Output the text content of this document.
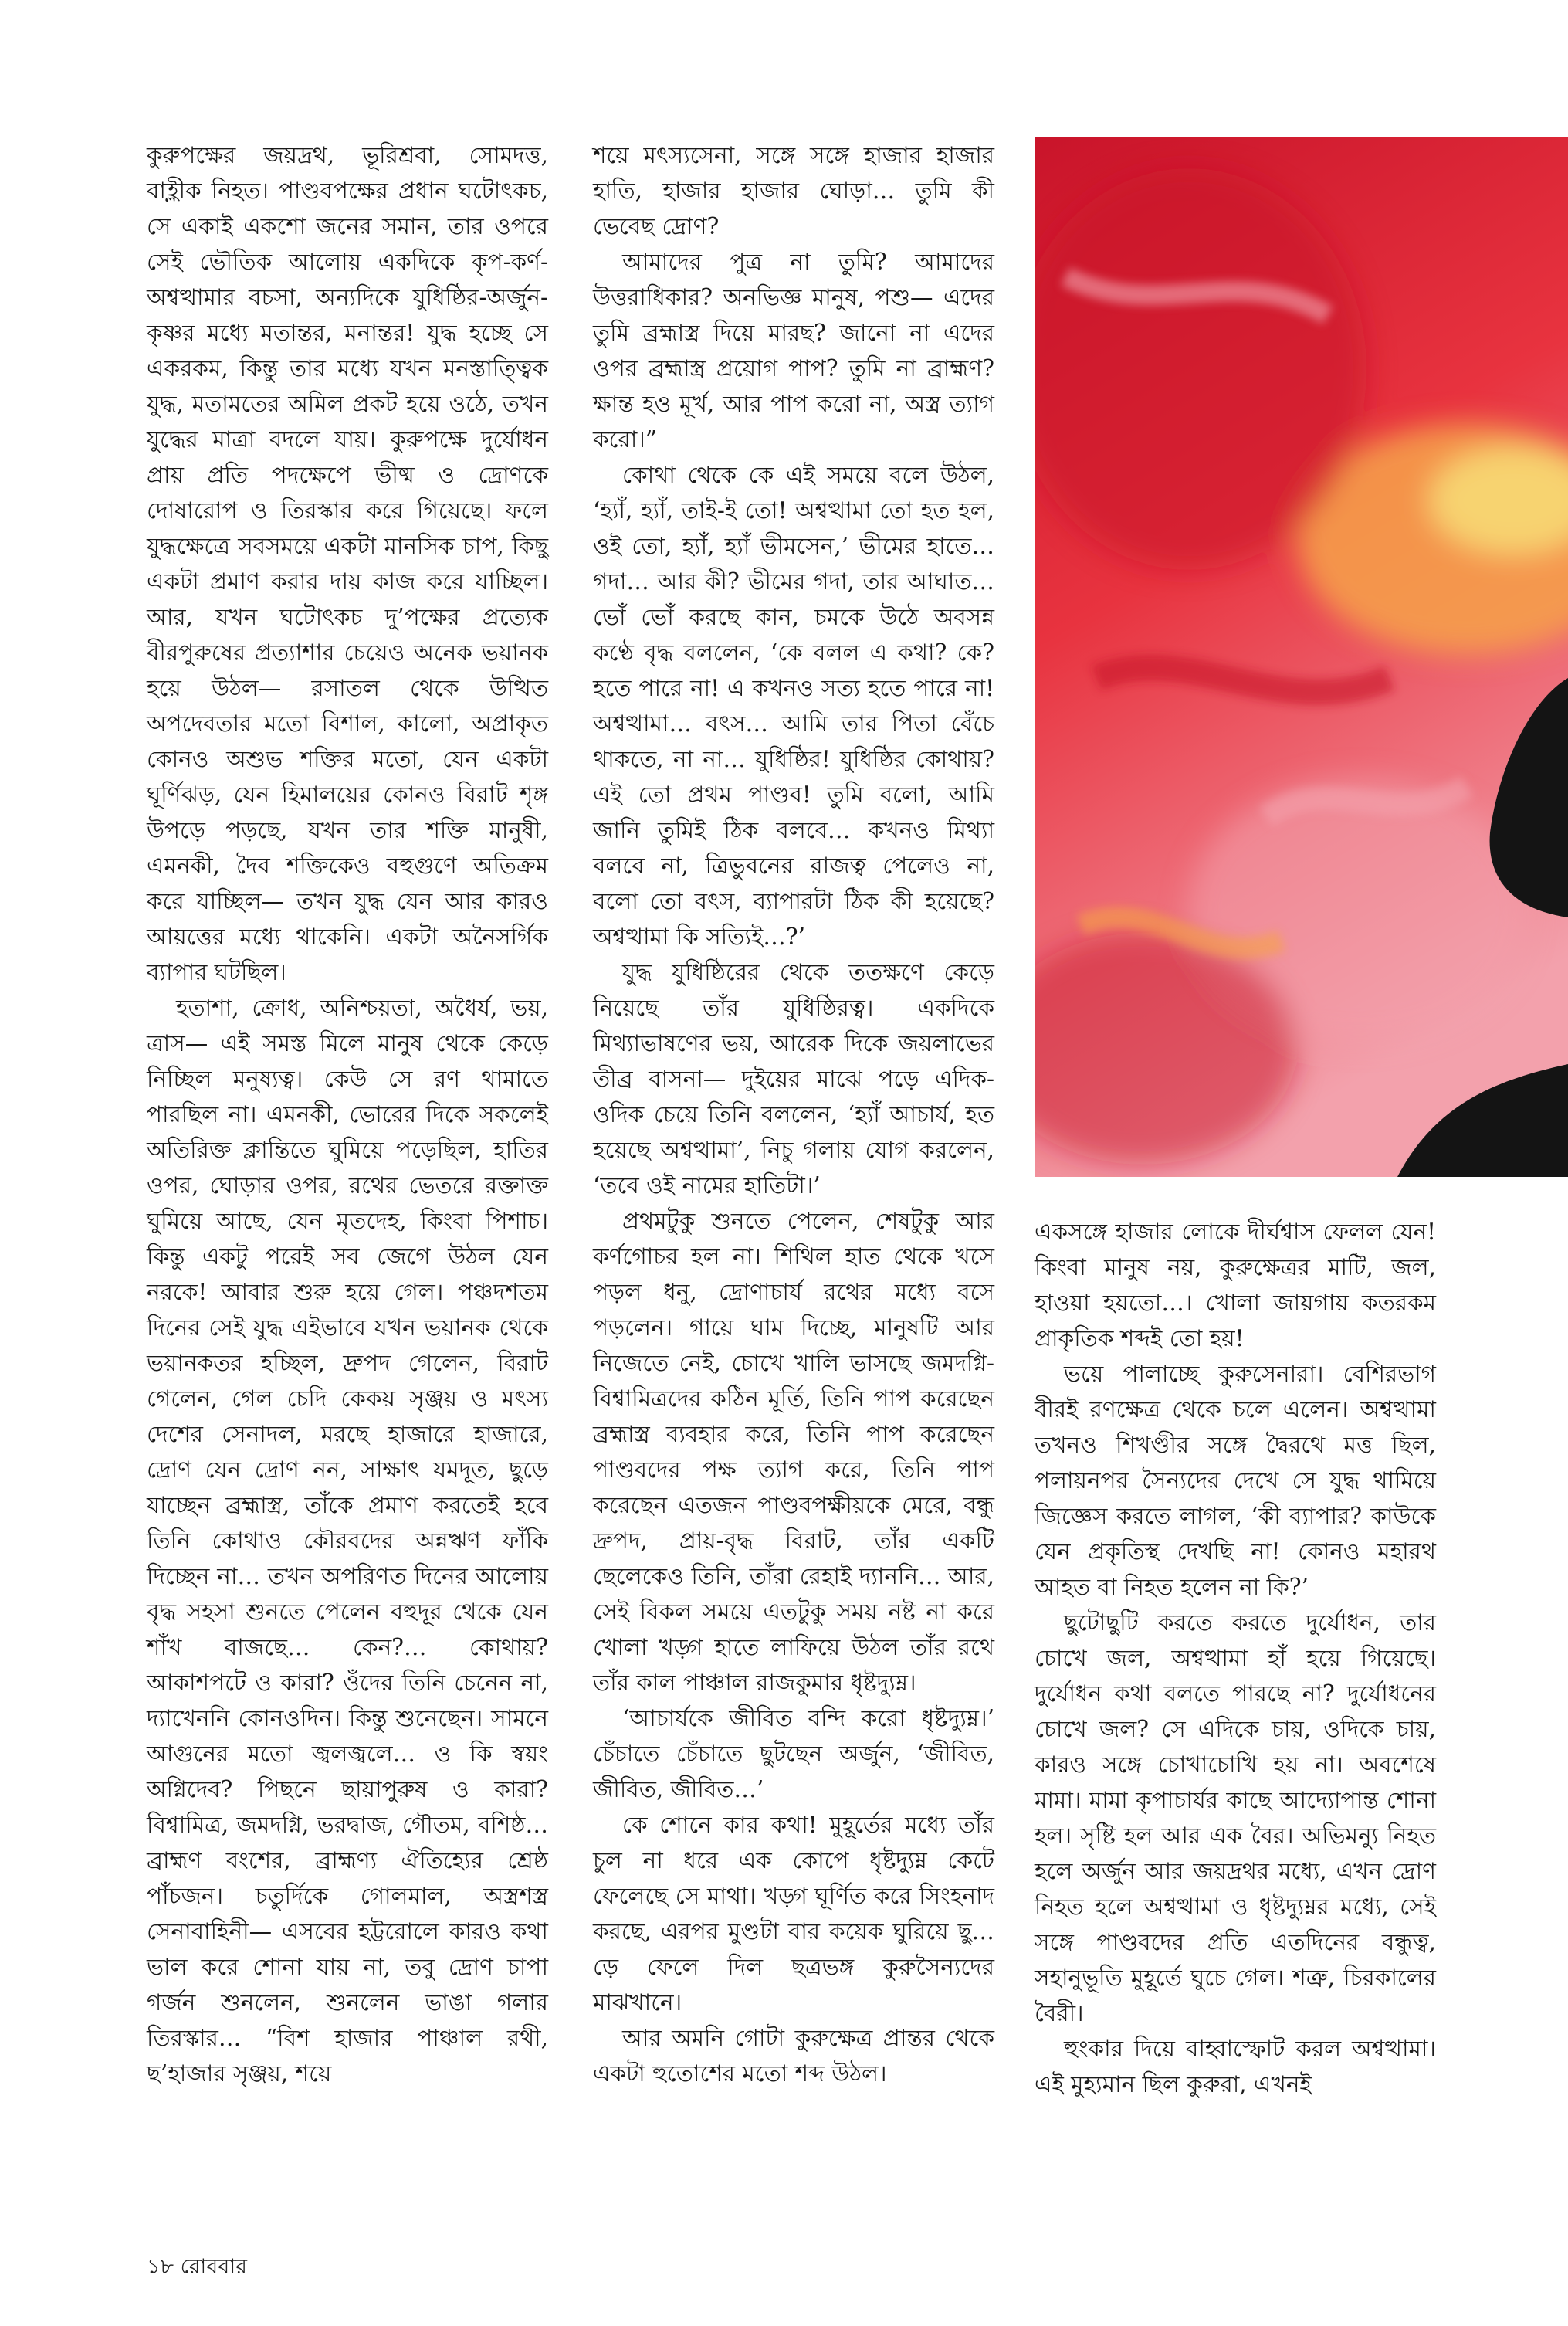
কুরুপক্ষের জয়দ্রথ, ভূরিশ্রবা, সোমদত্ত, বাহ্লীক নিহত। পাণ্ডবপক্ষের প্রধান ঘটোৎকচ, সে একাই একশো জনের সমান, তার ওপরে সেই ভৌতিক আলোয় একদিকে কৃপ-কর্ণ-অশ্বত্থামার বচসা, অন্যদিকে যুধিষ্ঠির-অর্জুন-কৃষ্ণর মধ্যে মতান্তর, মনান্তর! যুদ্ধ হচ্ছে সে একরকম, কিন্তু তার মধ্যে যখন মনস্তাত্ত্বিক যুদ্ধ, মতামতের অমিল প্রকট হয়ে ওঠে, তখন যুদ্ধের মাত্রা বদলে যায়। কুরুপক্ষে দুর্যোধন প্রায় প্রতি পদক্ষেপে ভীষ্ম ও দ্রোণকে দোষারোপ ও তিরস্কার করে গিয়েছে। ফলে যুদ্ধক্ষেত্রে সবসময়ে একটা মানসিক চাপ, কিছু একটা প্রমাণ করার দায় কাজ করে যাচ্ছিল। আর, যখন ঘটোৎকচ দু’পক্ষের প্রত্যেক বীরপুরুষের প্রত্যাশার চেয়েও অনেক ভয়ানক হয়ে উঠল— রসাতল থেকে উত্থিত অপদেবতার মতো বিশাল, কালো, অপ্রাকৃত কোনও অশুভ শক্তির মতো, যেন একটা ঘূর্ণিঝড়, যেন হিমালয়ের কোনও বিরাট শৃঙ্গ উপড়ে পড়ছে, যখন তার শক্তি মানুষী, এমনকী, দৈব শক্তিকেও বহুগুণে অতিক্রম করে যাচ্ছিল— তখন যুদ্ধ যেন আর কারও আয়ত্তের মধ্যে থাকেনি। একটা অনৈসর্গিক ব্যাপার ঘটছিল।

হতাশা, ক্রোধ, অনিশ্চয়তা, অধৈর্য, ভয়, ত্রাস— এই সমস্ত মিলে মানুষ থেকে কেড়ে নিচ্ছিল মনুষ্যত্ব। কেউ সে রণ থামাতে পারছিল না। এমনকী, ভোরের দিকে সকলেই অতিরিক্ত ক্লান্তিতে ঘুমিয়ে পড়েছিল, হাতির ওপর, ঘোড়ার ওপর, রথের ভেতরে রক্তাক্ত ঘুমিয়ে আছে, যেন মৃতদেহ, কিংবা পিশাচ। কিন্তু একটু পরেই সব জেগে উঠল যেন নরকে! আবার শুরু হয়ে গেল। পঞ্চদশতম দিনের সেই যুদ্ধ এইভাবে যখন ভয়ানক থেকে ভয়ানকতর হচ্ছিল, দ্রুপদ গেলেন, বিরাট গেলেন, গেল চেদি কেকয় সৃঞ্জয় ও মৎস্য দেশের সেনাদল, মরছে হাজারে হাজারে, দ্রোণ যেন দ্রোণ নন, সাক্ষাৎ যমদূত, ছুড়ে যাচ্ছেন ব্রহ্মাস্ত্র, তাঁকে প্রমাণ করতেই হবে তিনি কোথাও কৌরবদের অন্নঋণ ফাঁকি দিচ্ছেন না… তখন অপরিণত দিনের আলোয় বৃদ্ধ সহসা শুনতে পেলেন বহুদূর থেকে যেন শাঁখ বাজছে… কেন?… কোথায়? আকাশপটে ও কারা? ওঁদের তিনি চেনেন না, দ্যাখেননি কোনওদিন। কিন্তু শুনেছেন। সামনে আগুনের মতো জ্বলজ্বলে… ও কি স্বয়ং অগ্নিদেব? পিছনে ছায়াপুরুষ ও কারা? বিশ্বামিত্র, জমদগ্নি, ভরদ্বাজ, গৌতম, বশিষ্ঠ… ব্রাহ্মণ বংশের, ব্রাহ্মণ্য ঐতিহ্যের শ্রেষ্ঠ পাঁচজন। চতুর্দিকে গোলমাল, অস্ত্রশস্ত্র সেনাবাহিনী— এসবের হট্টরোলে কারও কথা ভাল করে শোনা যায় না, তবু দ্রোণ চাপা গর্জন শুনলেন, শুনলেন ভাঙা গলার তিরস্কার… “বিশ হাজার পাঞ্চাল রথী, ছ’হাজার সৃঞ্জয়, শয়ে

শয়ে মৎস্যসেনা, সঙ্গে সঙ্গে হাজার হাজার হাতি, হাজার হাজার ঘোড়া… তুমি কী ভেবেছ দ্রোণ?

আমাদের পুত্র না তুমি? আমাদের উত্তরাধিকার? অনভিজ্ঞ মানুষ, পশু— এদের তুমি ব্রহ্মাস্ত্র দিয়ে মারছ? জানো না এদের ওপর ব্রহ্মাস্ত্র প্রয়োগ পাপ? তুমি না ব্রাহ্মণ? ক্ষান্ত হও মূর্খ, আর পাপ করো না, অস্ত্র ত্যাগ করো।”

কোথা থেকে কে এই সময়ে বলে উঠল, ‘হ্যাঁ, হ্যাঁ, তাই-ই তো! অশ্বত্থামা তো হত হল, ওই তো, হ্যাঁ, হ্যাঁ ভীমসেন,’ ভীমের হাতে… গদা… আর কী? ভীমের গদা, তার আঘাত… ভোঁ ভোঁ করছে কান, চমকে উঠে অবসন্ন কণ্ঠে বৃদ্ধ বললেন, ‘কে বলল এ কথা? কে? হতে পারে না! এ কখনও সত্য হতে পারে না! অশ্বত্থামা… বৎস… আমি তার পিতা বেঁচে থাকতে, না না… যুধিষ্ঠির! যুধিষ্ঠির কোথায়? এই তো প্রথম পাণ্ডব! তুমি বলো, আমি জানি তুমিই ঠিক বলবে… কখনও মিথ্যা বলবে না, ত্রিভুবনের রাজত্ব পেলেও না, বলো তো বৎস, ব্যাপারটা ঠিক কী হয়েছে? অশ্বত্থামা কি সত্যিই…?’

যুদ্ধ যুধিষ্ঠিরের থেকে ততক্ষণে কেড়ে নিয়েছে তাঁর যুধিষ্ঠিরত্ব। একদিকে মিথ্যাভাষণের ভয়, আরেক দিকে জয়লাভের তীব্র বাসনা— দুইয়ের মাঝে পড়ে এদিক-ওদিক চেয়ে তিনি বললেন, ‘হ্যাঁ আচার্য, হত হয়েছে অশ্বত্থামা’, নিচু গলায় যোগ করলেন, ‘তবে ওই নামের হাতিটা।’

প্রথমটুকু শুনতে পেলেন, শেষটুকু আর কর্ণগোচর হল না। শিথিল হাত থেকে খসে পড়ল ধনু, দ্রোণাচার্য রথের মধ্যে বসে পড়লেন। গায়ে ঘাম দিচ্ছে, মানুষটি আর নিজেতে নেই, চোখে খালি ভাসছে জমদগ্নি-বিশ্বামিত্রদের কঠিন মূর্তি, তিনি পাপ করেছেন ব্রহ্মাস্ত্র ব্যবহার করে, তিনি পাপ করেছেন পাণ্ডবদের পক্ষ ত্যাগ করে, তিনি পাপ করেছেন এতজন পাণ্ডবপক্ষীয়কে মেরে, বন্ধু দ্রুপদ, প্রায়-বৃদ্ধ বিরাট, তাঁর একটি ছেলেকেও তিনি, তাঁরা রেহাই দ্যাননি… আর, সেই বিকল সময়ে এতটুকু সময় নষ্ট না করে খোলা খড়্গ হাতে লাফিয়ে উঠল তাঁর রথে তাঁর কাল পাঞ্চাল রাজকুমার ধৃষ্টদ্যুম্ন।

‘আচার্যকে জীবিত বন্দি করো ধৃষ্টদ্যুম্ন।’ চেঁচাতে চেঁচাতে ছুটছেন অর্জুন, ‘জীবিত, জীবিত, জীবিত…’

কে শোনে কার কথা! মুহূর্তের মধ্যে তাঁর চুল না ধরে এক কোপে ধৃষ্টদ্যুম্ন কেটে ফেলেছে সে মাথা। খড়্গ ঘূর্ণিত করে সিংহনাদ করছে, এরপর মুণ্ডটা বার কয়েক ঘুরিয়ে ছু…ড়ে ফেলে দিল ছত্রভঙ্গ কুরুসৈন্যদের মাঝখানে।

আর অমনি গোটা কুরুক্ষেত্র প্রান্তর থেকে একটা হুতোশের মতো শব্দ উঠল।

একসঙ্গে হাজার লোকে দীর্ঘশ্বাস ফেলল যেন! কিংবা মানুষ নয়, কুরুক্ষেত্রর মাটি, জল, হাওয়া হয়তো…। খোলা জায়গায় কতরকম প্রাকৃতিক শব্দই তো হয়!

ভয়ে পালাচ্ছে কুরুসেনারা। বেশিরভাগ বীরই রণক্ষেত্র থেকে চলে এলেন। অশ্বত্থামা তখনও শিখণ্ডীর সঙ্গে দ্বৈরথে মত্ত ছিল, পলায়নপর সৈন্যদের দেখে সে যুদ্ধ থামিয়ে জিজ্ঞেস করতে লাগল, ‘কী ব্যাপার? কাউকে যেন প্রকৃতিস্থ দেখছি না! কোনও মহারথ আহত বা নিহত হলেন না কি?’

ছুটোছুটি করতে করতে দুর্যোধন, তার চোখে জল, অশ্বত্থামা হাঁ হয়ে গিয়েছে। দুর্যোধন কথা বলতে পারছে না? দুর্যোধনের চোখে জল? সে এদিকে চায়, ওদিকে চায়, কারও সঙ্গে চোখাচোখি হয় না। অবশেষে মামা। মামা কৃপাচার্যর কাছে আদ্যোপান্ত শোনা হল। সৃষ্টি হল আর এক বৈর। অভিমন্যু নিহত হলে অর্জুন আর জয়দ্রথর মধ্যে, এখন দ্রোণ নিহত হলে অশ্বত্থামা ও ধৃষ্টদ্যুম্নর মধ্যে, সেই সঙ্গে পাণ্ডবদের প্রতি এতদিনের বন্ধুত্ব, সহানুভূতি মুহূর্তে ঘুচে গেল। শত্রু, চিরকালের বৈরী।

হুংকার দিয়ে বাহ্বাস্ফোট করল অশ্বত্থামা। এই মুহ্যমান ছিল কুরুরা, এখনই

১৮ রোববার
